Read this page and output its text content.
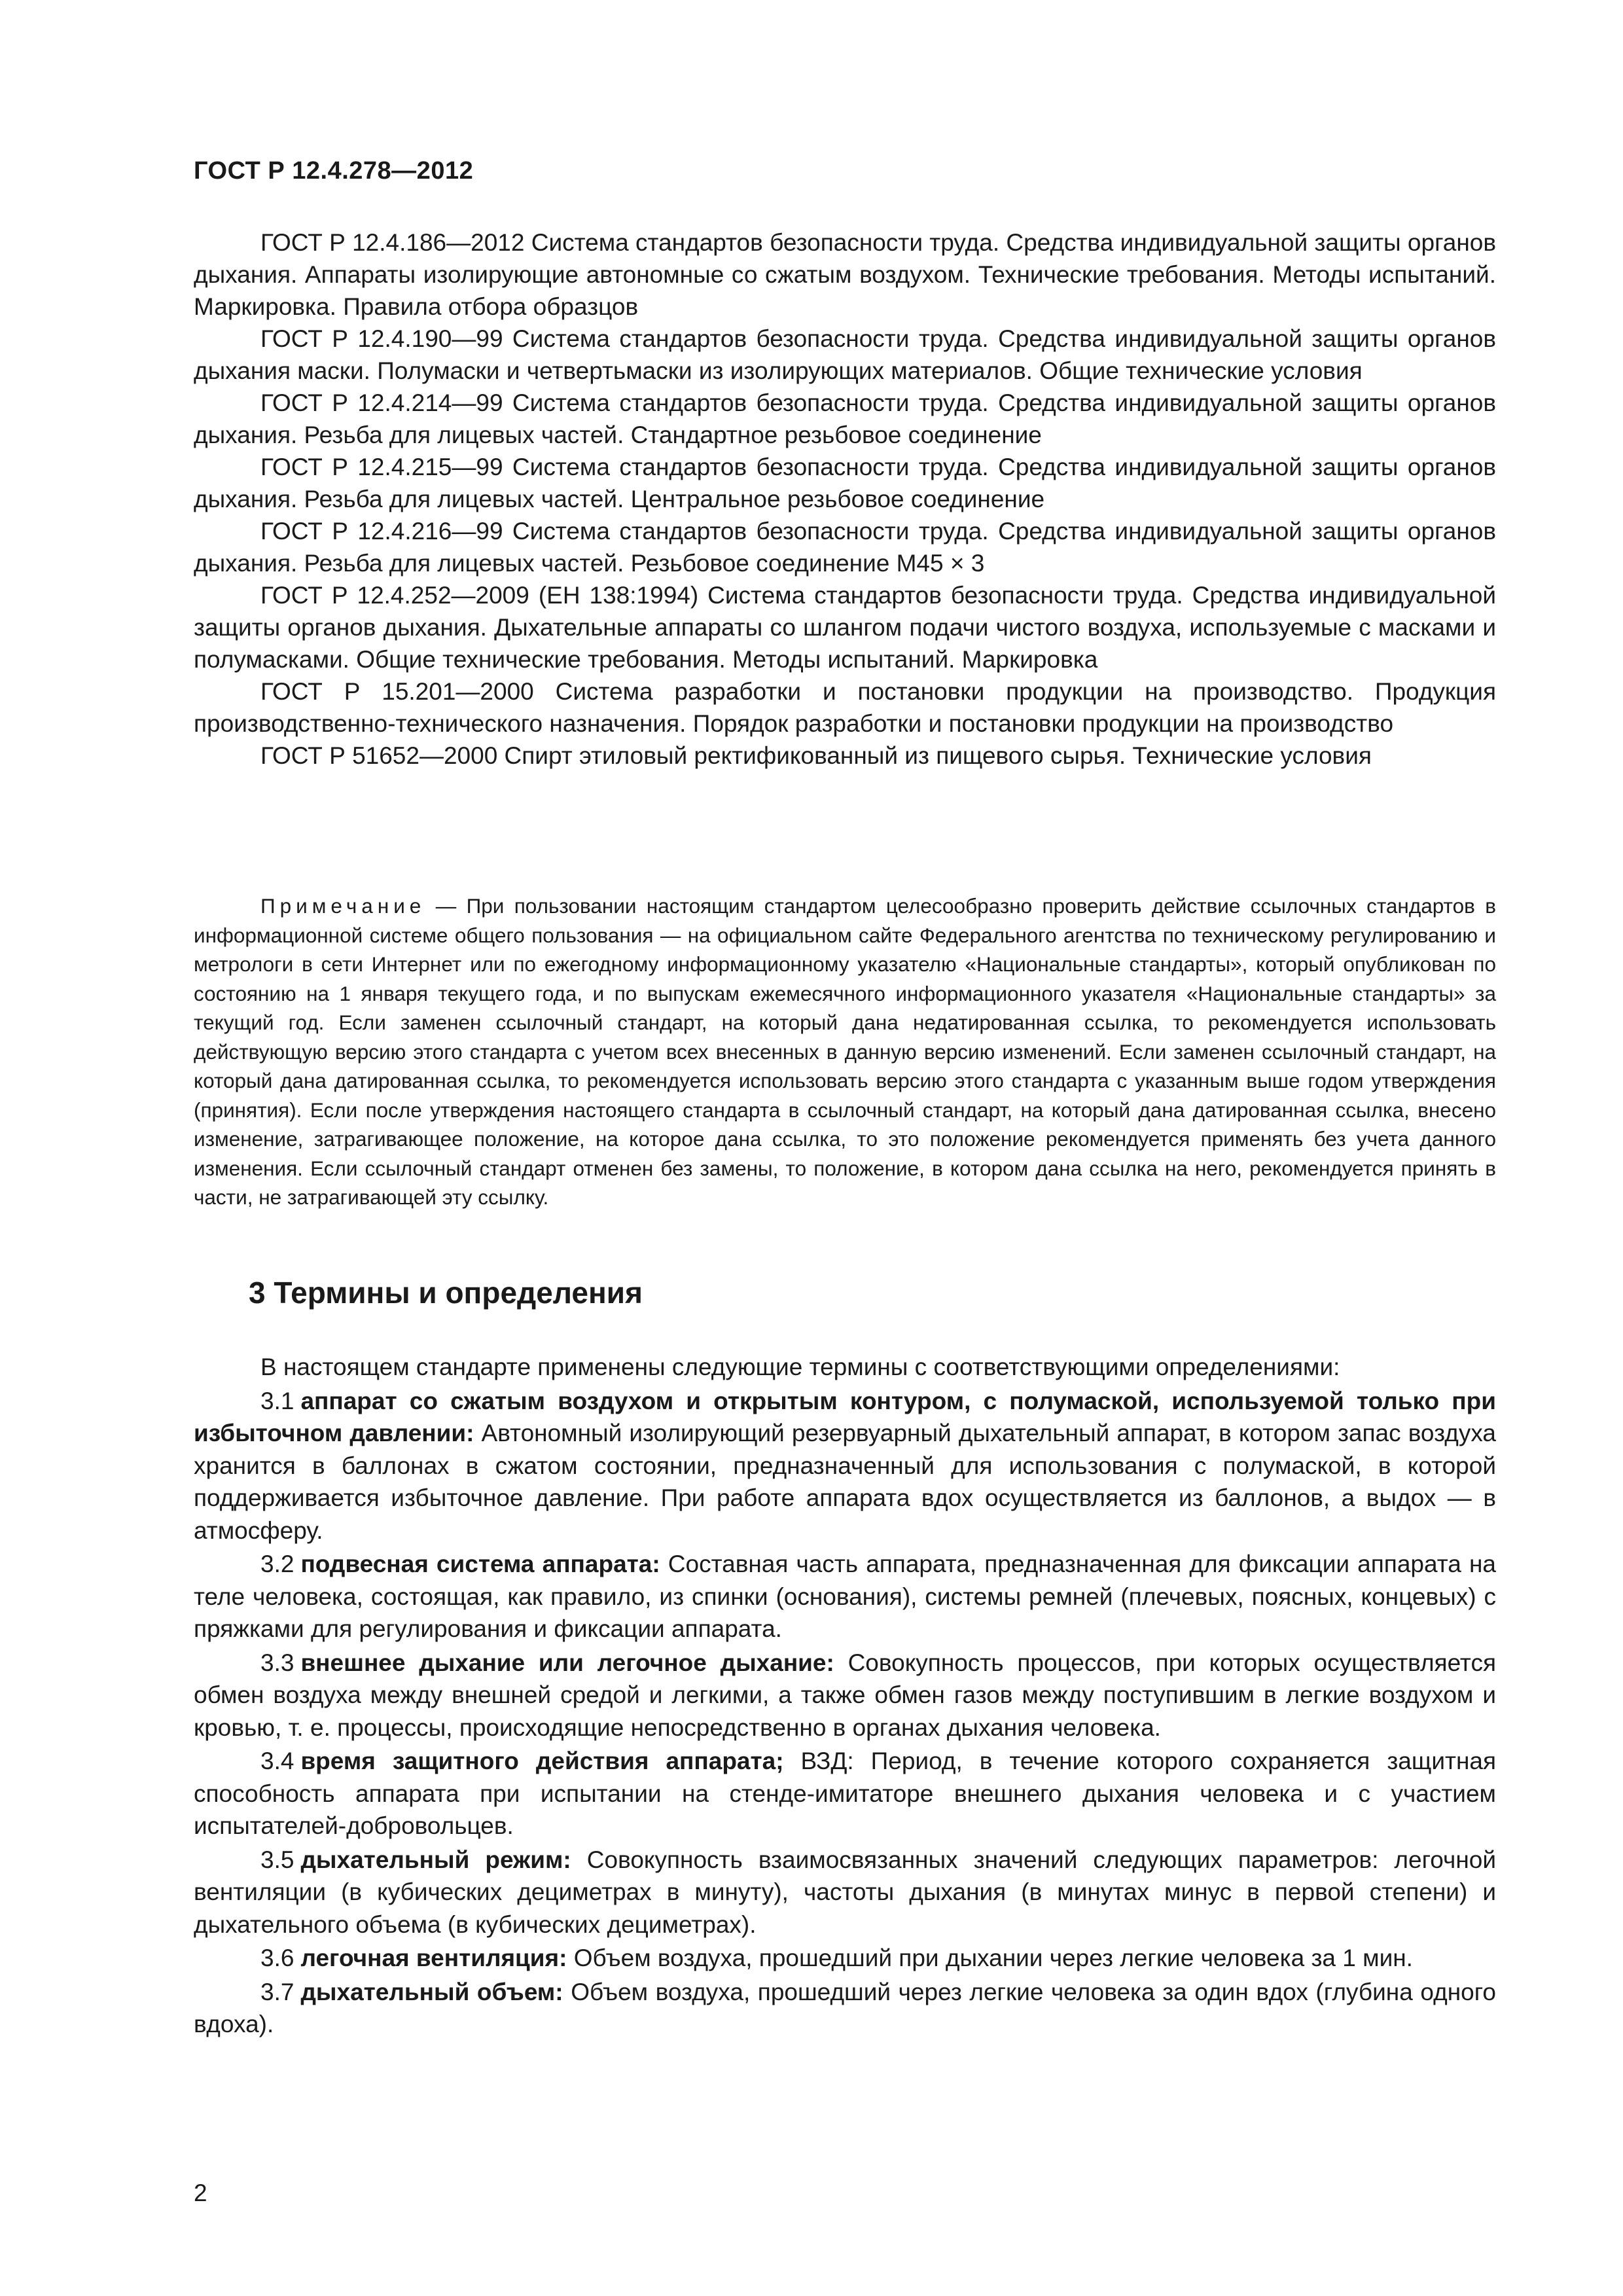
ГОСТ Р 12.4.278—2012

ГОСТ Р 12.4.186—2012 Система стандартов безопасности труда. Средства индивидуальной защиты органов дыхания. Аппараты изолирующие автономные со сжатым воздухом. Технические требования. Методы испытаний. Маркировка. Правила отбора образцов

ГОСТ Р 12.4.190—99 Система стандартов безопасности труда. Средства индивидуальной защиты органов дыхания маски. Полумаски и четвертьмаски из изолирующих материалов. Общие технические условия

ГОСТ Р 12.4.214—99 Система стандартов безопасности труда. Средства индивидуальной защиты органов дыхания. Резьба для лицевых частей. Стандартное резьбовое соединение

ГОСТ Р 12.4.215—99 Система стандартов безопасности труда. Средства индивидуальной защиты органов дыхания. Резьба для лицевых частей. Центральное резьбовое соединение

ГОСТ Р 12.4.216—99 Система стандартов безопасности труда. Средства индивидуальной защиты органов дыхания. Резьба для лицевых частей. Резьбовое соединение М45 × 3

ГОСТ Р 12.4.252—2009 (ЕН 138:1994) Система стандартов безопасности труда. Средства индивидуальной защиты органов дыхания. Дыхательные аппараты со шлангом подачи чистого воздуха, используемые с масками и полумасками. Общие технические требования. Методы испытаний. Маркировка

ГОСТ Р 15.201—2000 Система разработки и постановки продукции на производство. Продукция производственно-технического назначения. Порядок разработки и постановки продукции на производство

ГОСТ Р 51652—2000 Спирт этиловый ректификованный из пищевого сырья. Технические условия

Примечание — При пользовании настоящим стандартом целесообразно проверить действие ссылочных стандартов в информационной системе общего пользования — на официальном сайте Федерального агентства по техническому регулированию и метрологи в сети Интернет или по ежегодному информационному указателю «Национальные стандарты», который опубликован по состоянию на 1 января текущего года, и по выпускам ежемесячного информационного указателя «Национальные стандарты» за текущий год. Если заменен ссылочный стандарт, на который дана недатированная ссылка, то рекомендуется использовать действующую версию этого стандарта с учетом всех внесенных в данную версию изменений. Если заменен ссылочный стандарт, на который дана датированная ссылка, то рекомендуется использовать версию этого стандарта с указанным выше годом утверждения (принятия). Если после утверждения настоящего стандарта в ссылочный стандарт, на который дана датированная ссылка, внесено изменение, затрагивающее положение, на которое дана ссылка, то это положение рекомендуется применять без учета данного изменения. Если ссылочный стандарт отменен без замены, то положение, в котором дана ссылка на него, рекомендуется принять в части, не затрагивающей эту ссылку.
3 Термины и определения

В настоящем стандарте применены следующие термины с соответствующими определениями:

3.1 аппарат со сжатым воздухом и открытым контуром, с полумаской, используемой только при избыточном давлении: Автономный изолирующий резервуарный дыхательный аппарат, в котором запас воздуха хранится в баллонах в сжатом состоянии, предназначенный для использования с полумаской, в которой поддерживается избыточное давление. При работе аппарата вдох осуществляется из баллонов, а выдох — в атмосферу.

3.2 подвесная система аппарата: Составная часть аппарата, предназначенная для фиксации аппарата на теле человека, состоящая, как правило, из спинки (основания), системы ремней (плечевых, поясных, концевых) с пряжками для регулирования и фиксации аппарата.

3.3 внешнее дыхание или легочное дыхание: Совокупность процессов, при которых осуществляется обмен воздуха между внешней средой и легкими, а также обмен газов между поступившим в легкие воздухом и кровью, т. е. процессы, происходящие непосредственно в органах дыхания человека.

3.4 время защитного действия аппарата; ВЗД: Период, в течение которого сохраняется защитная способность аппарата при испытании на стенде-имитаторе внешнего дыхания человека и с участием испытателей-добровольцев.

3.5 дыхательный режим: Совокупность взаимосвязанных значений следующих параметров: легочной вентиляции (в кубических дециметрах в минуту), частоты дыхания (в минутах минус в первой степени) и дыхательного объема (в кубических дециметрах).

3.6 легочная вентиляция: Объем воздуха, прошедший при дыхании через легкие человека за 1 мин.

3.7 дыхательный объем: Объем воздуха, прошедший через легкие человека за один вдох (глубина одного вдоха).

2
